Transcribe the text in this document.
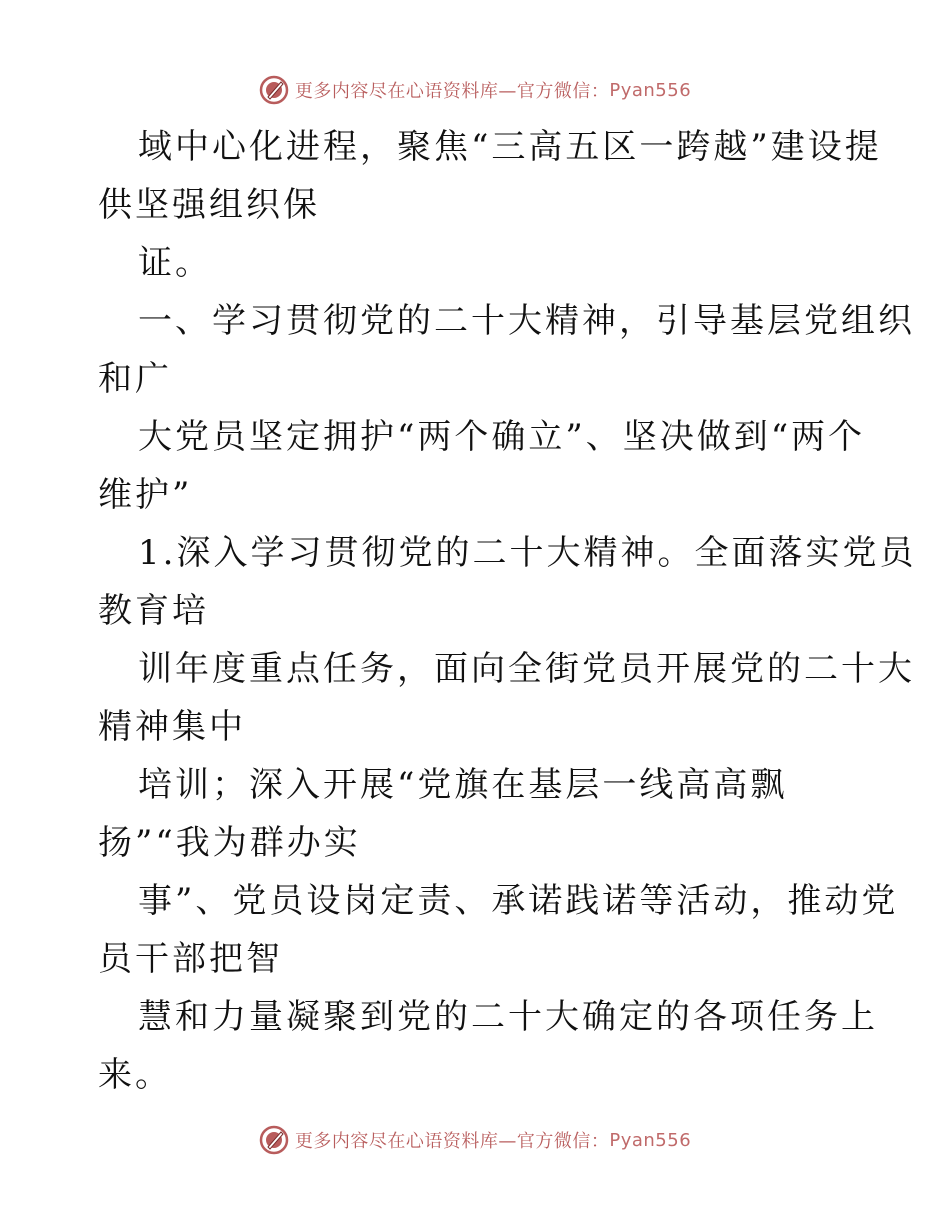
更多内容尽在心语资料库—官方微信： Pyan556
域中心化进程，聚焦“三高五区一跨越”建设提
供坚强组织保
证。
一、学习贯彻党的二十大精神，引导基层党组织
和广
大党员坚定拥护“两个确立”、坚决做到“两个
维护”
1.深入学习贯彻党的二十大精神。全面落实党员
教育培
训年度重点任务，面向全街党员开展党的二十大
精神集中
培训；深入开展“党旗在基层一线高高飘
扬”“我为群办实
事”、党员设岗定责、承诺践诺等活动，推动党
员干部把智
慧和力量凝聚到党的二十大确定的各项任务上
来。
更多内容尽在心语资料库—官方微信： Pyan556
